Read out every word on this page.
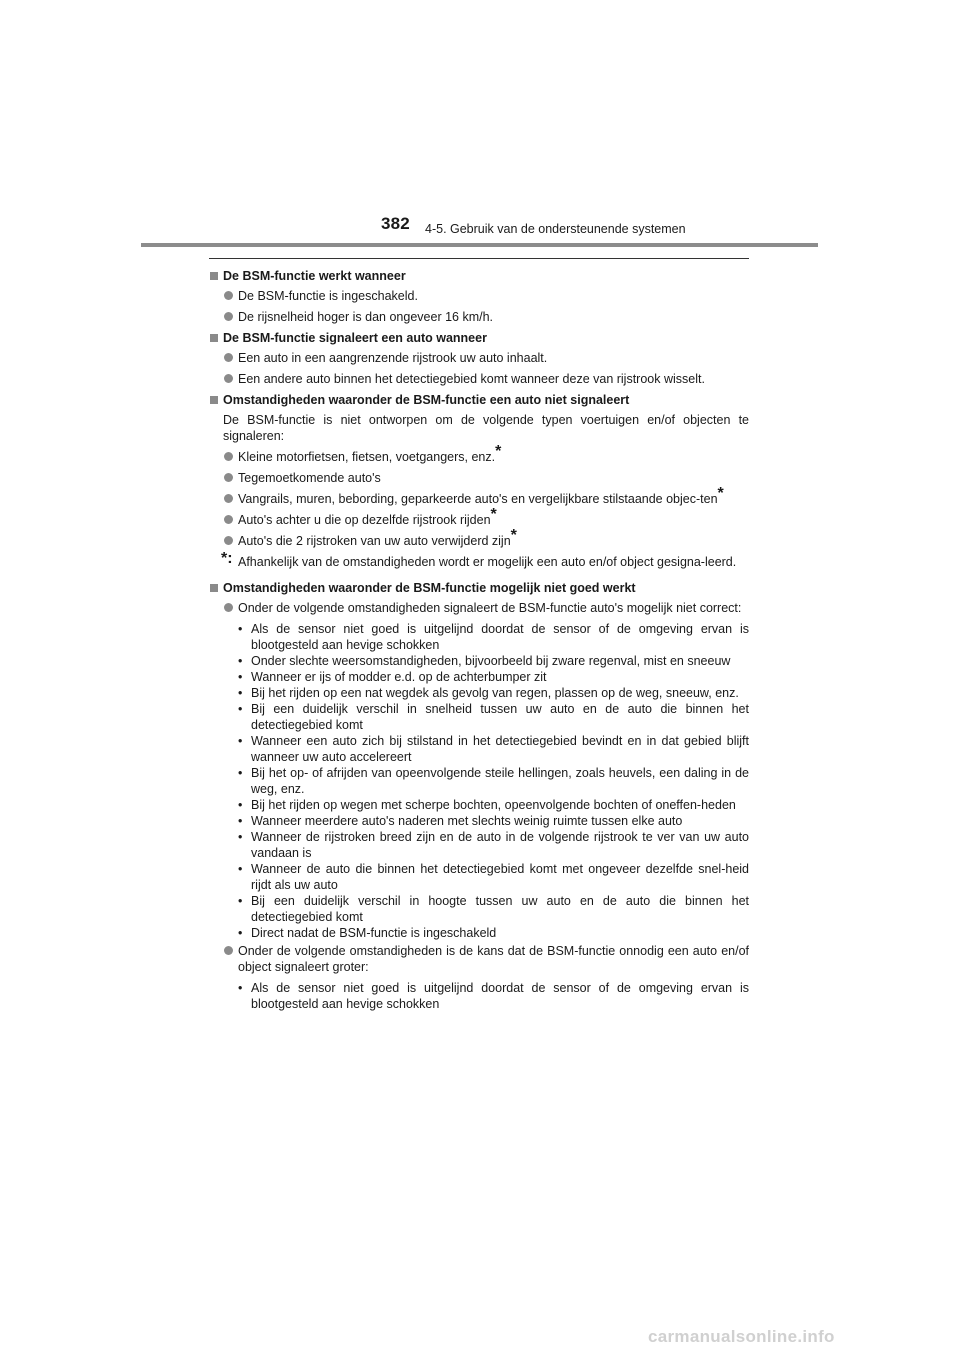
382 4-5. Gebruik van de ondersteunende systemen
De BSM-functie werkt wanneer
De BSM-functie is ingeschakeld.
De rijsnelheid hoger is dan ongeveer 16 km/h.
De BSM-functie signaleert een auto wanneer
Een auto in een aangrenzende rijstrook uw auto inhaalt.
Een andere auto binnen het detectiegebied komt wanneer deze van rijstrook wisselt.
Omstandigheden waaronder de BSM-functie een auto niet signaleert
De BSM-functie is niet ontworpen om de volgende typen voertuigen en/of objecten te signaleren:
Kleine motorfietsen, fietsen, voetgangers, enz.*
Tegemoetkomende auto's
Vangrails, muren, bebording, geparkeerde auto's en vergelijkbare stilstaande objec-ten*
Auto's achter u die op dezelfde rijstrook rijden*
Auto's die 2 rijstroken van uw auto verwijderd zijn*
*: Afhankelijk van de omstandigheden wordt er mogelijk een auto en/of object gesigna-leerd.
Omstandigheden waaronder de BSM-functie mogelijk niet goed werkt
Onder de volgende omstandigheden signaleert de BSM-functie auto's mogelijk niet correct:
• Als de sensor niet goed is uitgelijnd doordat de sensor of de omgeving ervan is blootgesteld aan hevige schokken
• Onder slechte weersomstandigheden, bijvoorbeeld bij zware regenval, mist en sneeuw
• Wanneer er ijs of modder e.d. op de achterbumper zit
• Bij het rijden op een nat wegdek als gevolg van regen, plassen op de weg, sneeuw, enz.
• Bij een duidelijk verschil in snelheid tussen uw auto en de auto die binnen het detectiegebied komt
• Wanneer een auto zich bij stilstand in het detectiegebied bevindt en in dat gebied blijft wanneer uw auto accelereert
• Bij het op- of afrijden van opeenvolgende steile hellingen, zoals heuvels, een daling in de weg, enz.
• Bij het rijden op wegen met scherpe bochten, opeenvolgende bochten of oneffen-heden
• Wanneer meerdere auto's naderen met slechts weinig ruimte tussen elke auto
• Wanneer de rijstroken breed zijn en de auto in de volgende rijstrook te ver van uw auto vandaan is
• Wanneer de auto die binnen het detectiegebied komt met ongeveer dezelfde snel-heid rijdt als uw auto
• Bij een duidelijk verschil in hoogte tussen uw auto en de auto die binnen het detectiegebied komt
• Direct nadat de BSM-functie is ingeschakeld
Onder de volgende omstandigheden is de kans dat de BSM-functie onnodig een auto en/of object signaleert groter:
• Als de sensor niet goed is uitgelijnd doordat de sensor of de omgeving ervan is blootgesteld aan hevige schokken
carmanualsonline.info
